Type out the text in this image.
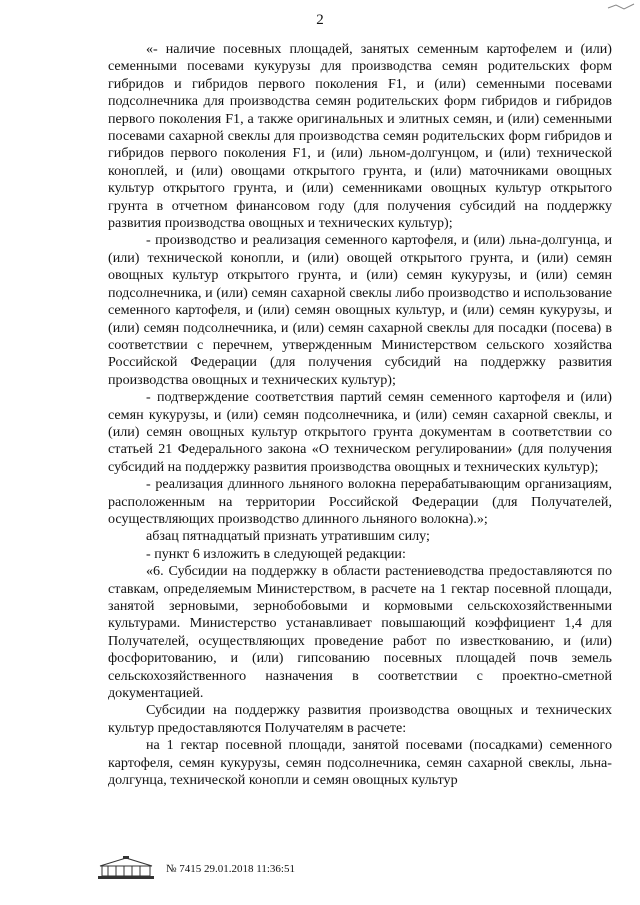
2

«- наличие посевных площадей, занятых семенным картофелем и (или) семенными посевами кукурузы для производства семян родительских форм гибридов и гибридов первого поколения F1, и (или) семенными посевами подсолнечника для производства семян родительских форм гибридов и гибридов первого поколения F1, а также оригинальных и элитных семян, и (или) семенными посевами сахарной свеклы для производства семян родительских форм гибридов и гибридов первого поколения F1, и (или) льном-долгунцом, и (или) технической коноплей, и (или) овощами открытого грунта, и (или) маточниками овощных культур открытого грунта, и (или) семенниками овощных культур открытого грунта в отчетном финансовом году (для получения субсидий на поддержку развития производства овощных и технических культур);

- производство и реализация семенного картофеля, и (или) льна-долгунца, и (или) технической конопли, и (или) овощей открытого грунта, и (или) семян овощных культур открытого грунта, и (или) семян кукурузы, и (или) семян подсолнечника, и (или) семян сахарной свеклы либо производство и использование семенного картофеля, и (или) семян овощных культур, и (или) семян кукурузы, и (или) семян подсолнечника, и (или) семян сахарной свеклы для посадки (посева) в соответствии с перечнем, утвержденным Министерством сельского хозяйства Российской Федерации (для получения субсидий на поддержку развития производства овощных и технических культур);

- подтверждение соответствия партий семян семенного картофеля и (или) семян кукурузы, и (или) семян подсолнечника, и (или) семян сахарной свеклы, и (или) семян овощных культур открытого грунта документам в соответствии со статьей 21 Федерального закона «О техническом регулировании» (для получения субсидий на поддержку развития производства овощных и технических культур);

- реализация длинного льняного волокна перерабатывающим организациям, расположенным на территории Российской Федерации (для Получателей, осуществляющих производство длинного льняного волокна).»;

абзац пятнадцатый признать утратившим силу;

- пункт 6 изложить в следующей редакции:

«6. Субсидии на поддержку в области растениеводства предоставляются по ставкам, определяемым Министерством, в расчете на 1 гектар посевной площади, занятой зерновыми, зернобобовыми и кормовыми сельскохозяйственными культурами. Министерство устанавливает повышающий коэффициент 1,4 для Получателей, осуществляющих проведение работ по известкованию, и (или) фосфоритованию, и (или) гипсованию посевных площадей почв земель сельскохозяйственного назначения в соответствии с проектно-сметной документацией.

Субсидии на поддержку развития производства овощных и технических культур предоставляются Получателям в расчете:

на 1 гектар посевной площади, занятой посевами (посадками) семенного картофеля, семян кукурузы, семян подсолнечника, семян сахарной свеклы, льна-долгунца, технической конопли и семян овощных культур

№ 7415 29.01.2018 11:36:51
